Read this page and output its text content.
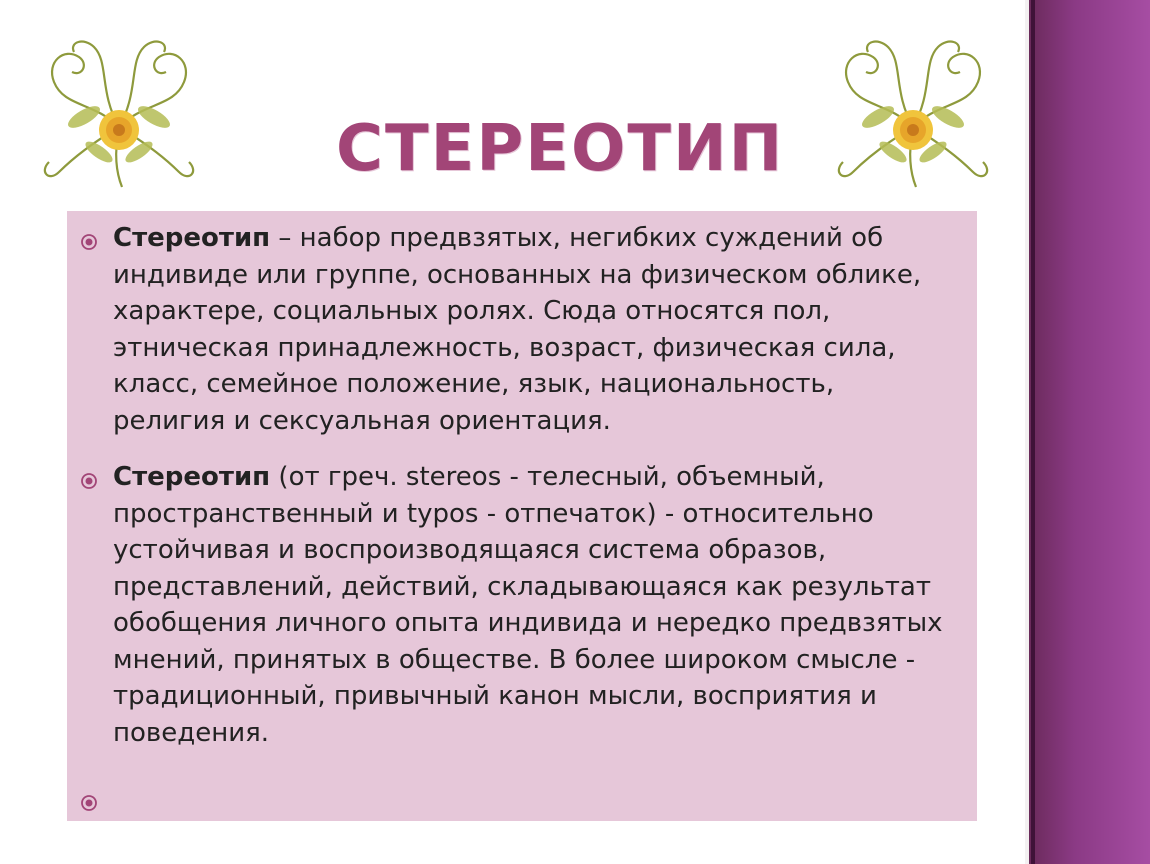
СТЕРЕОТИП
Стереотип – набор предвзятых, негибких суждений об индивиде или группе, основанных на физическом облике, характере, социальных ролях. Сюда относятся пол, этническая принадлежность, возраст, физическая сила, класс, семейное положение, язык, национальность, религия и сексуальная ориентация.
Стереотип (от греч. stereos - телесный, объемный, пространственный и typos - отпечаток) - относительно устойчивая и воспроизводящаяся система образов, представлений, действий, складывающаяся как результат обобщения личного опыта индивида и нередко предвзятых мнений, принятых в обществе. В более широком смысле - традиционный, привычный канон мысли, восприятия и поведения.
